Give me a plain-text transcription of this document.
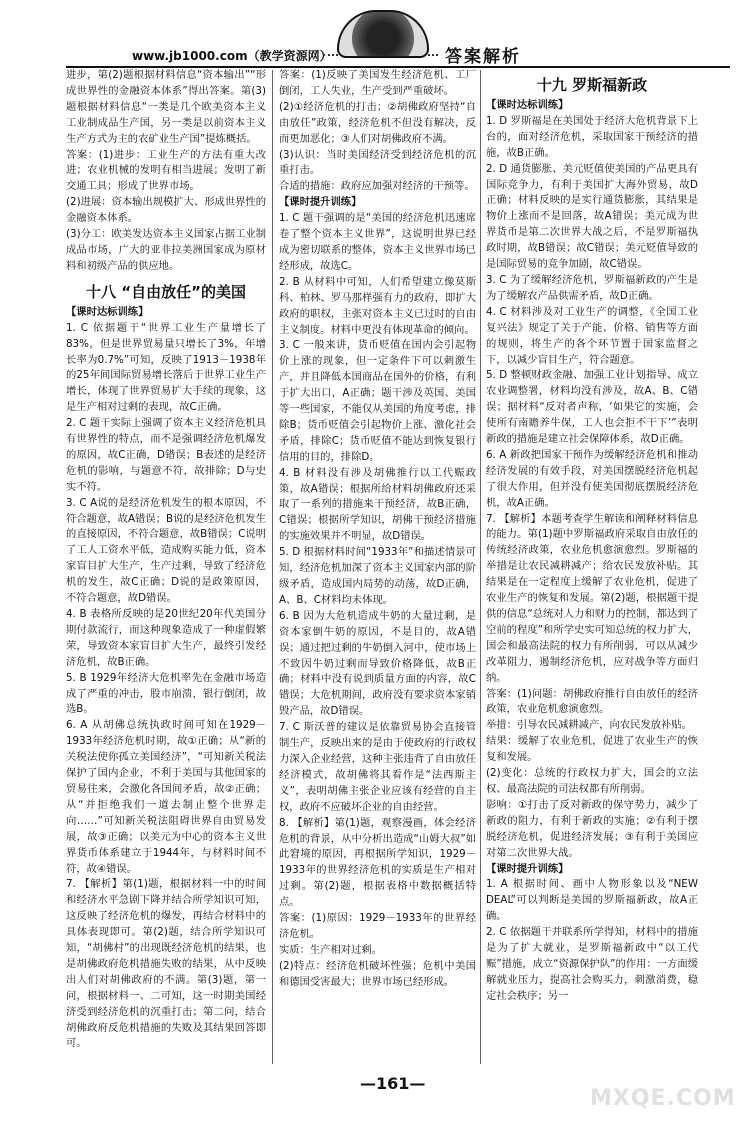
www.jb1000.com（教学资源网）	答案解析

进步，第(2)题根据材料信息“资本输出”“形成世界性的金融资本体系”得出答案。第(3)题根据材料信息“一类是几个欧美资本主义工业制成品生产国，另一类是以前资本主义生产方式为主的农矿业生产国”提炼概括。

答案：(1)进步：工业生产的方法有重大改进；农业机械的发明有相当进展；发明了新交通工具；形成了世界市场。

(2)进展：资本输出规模扩大、形成世界性的金融资本体系。

(3)分工：欧美发达资本主义国家占据工业制成品市场，广大的亚非拉美洲国家成为原材料和初级产品的供应地。

十八 “自由放任”的美国
【课时达标训练】

1. C 依据题干“世界工业生产量增长了83%，但是世界贸易量只增长了3%，年增长率为0.7%”可知，反映了1913－1938年的25年间国际贸易增长落后于世界工业生产增长，体现了世界贸易扩大手续的现象，这是生产相对过剩的表现，故C正确。

2. C 题干实际上强调了资本主义经济危机具有世界性的特点，而不是强调经济危机爆发的原因，故C正确，D错误；B表述的是经济危机的影响，与题意不符，故排除；D与史实不符。

3. C A说的是经济危机发生的根本原因，不符合题意，故A错误；B说的是经济危机发生的直接原因，不符合题意，故B错误；C说明了工人工资水平低，造成购买能力低，资本家盲目扩大生产，生产过剩，导致了经济危机的发生，故C正确；D说的是政策原因，不符合题意，故D错误。

4. B 表格所反映的是20世纪20年代美国分期付款流行，而这种现象造成了一种虚假繁荣，导致资本家盲目扩大生产，最终引发经济危机，故B正确。

5. B 1929年经济大危机率先在金融市场造成了严重的冲击，股市崩溃，银行倒闭，故选B。

6. A 从胡佛总统执政时间可知在1929－1933年经济危机时期，故①正确；从“新的关税法使你孤立美国经济”，“可知新关税法保护了国内企业，不利于美国与其他国家的贸易往来，会激化各国间矛盾，故②正确；从“并拒绝我们一道去制止整个世界走向……”可知新关税法阻碍世界自由贸易发展，故③正确；以美元为中心的资本主义世界货币体系建立于1944年，与材料时间不符，故④错误。

7. 【解析】第(1)题，根据材料一中的时间和经济水平急剧下降并结合所学知识可知，这反映了经济危机的爆发，再结合材料中的具体表现即可。第(2)题，结合所学知识可知，“胡佛村”的出现既经济危机的结果，也是胡佛政府危机措施失败的结果，从中反映出人们对胡佛政府的不满。第(3)题，第一问，根据材料一、二可知，这一时期美国经济受到经济危机的沉重打击；第二问，结合胡佛政府反危机措施的失败及其结果回答即可。

答案：(1)反映了美国发生经济危机、工厂倒闭，工人失业，生产受到严重破坏。

(2)①经济危机的打击；②胡佛政府坚持“自由放任”政策，经济危机不但没有解决，反而更加恶化；③人们对胡佛政府不满。

(3)认识：当时美国经济受到经济危机的沉重打击。

合适的措施：政府应加强对经济的干预等。

【课时提升训练】

1. C 题干强调的是“美国的经济危机迅速席卷了整个资本主义世界”，这说明世界已经成为密切联系的整体，资本主义世界市场已经形成，故选C。

2. B 从材料中可知，人们希望建立像莫斯科、柏林、罗马那样强有力的政府，即扩大政府的职权，主张对资本主义已过时的自由主义制度。材料中更没有体现革命的倾向。

3. C 一般来讲，货币贬值在国内会引起物价上涨的现象，但一定条件下可以刺激生产，并且降低本国商品在国外的价格，有利于扩大出口，A正确；题干涉及英国、美国等一些国家，不能仅从美国的角度考虑，排除B；货币贬值会引起物价上涨、激化社会矛盾，排除C；货币贬值不能达到恢复银行信用的目的，排除D。

4. B 材料没有涉及胡佛推行以工代赈政策，故A错误；根据所给材料胡佛政府还采取了一系列的措施来干预经济，故B正确，C错误；根据所学知识，胡佛干预经济措施的实施效果并不明显，故D错误。

5. D 根据材料时间“1933年”和描述情景可知，经济危机加深了资本主义国家内部的阶级矛盾，造成国内局势的动荡，故D正确，A、B、C材料均未体现。

6. B 因为大危机造成牛奶的大量过剩，是资本家倒牛奶的原因，不是目的，故A错误；通过把过剩的牛奶倒入河中，使市场上不致因牛奶过剩而导致价格降低，故B正确；材料中没有说到质量方面的内容，故C错误；大危机期间，政府没有要求资本家销毁产品，故D错误。

7. C 斯沃普的建议是依靠贸易协会直接管制生产，反映出来的是由于使政府的行政权力深入企业经营，这种主张违背了自由放任经济模式，故胡佛将其看作是“法西斯主义”，表明胡佛主张企业应该有经营的自主权，政府不应破坏企业的自由经营。

8. 【解析】第(1)题，观察漫画，体会经济危机的背景，从中分析出造成“山姆大叔”如此窘境的原因，再根据所学知识，1929－1933年的世界经济危机的实质是生产相对过剩。第(2)题，根据表格中数据概括特点。

答案：(1)原因：1929－1933年的世界经济危机。

实质：生产相对过剩。

(2)特点：经济危机破坏性强；危机中美国和德国受害最大；世界市场已经形成。

十九 罗斯福新政
【课时达标训练】

1. D 罗斯福是在美国处于经济大危机背景下上台的，面对经济危机，采取国家干预经济的措施，故B正确。

2. D 通货膨胀、美元贬值使美国的产品更具有国际竞争力，有利于美国扩大海外贸易，故D正确；材料反映的是实行通货膨胀，其结果是物价上涨而不是回落，故A错误；美元成为世界货币是第二次世界大战之后，不是罗斯福执政时期，故B错误；故C错误；美元贬值导致的是国际贸易的竞争加剧，故C错误。

3. C 为了缓解经济危机，罗斯福新政的产生是为了缓解农产品供需矛盾，故D正确。

4. C 材料涉及对工业生产的调整，《全国工业复兴法》规定了关于产能、价格、销售等方面的规则，将生产的各个环节置于国家监督之下，以减少盲目生产，符合题意。

5. D 整顿财政金融、加强工业计划指导、成立农业调整署，材料均没有涉及，故A、B、C错误；据材料“反对者声称，‘如果它的实施，会使所有南瞻养牛保，工人也会拒不干下’”表明新政的措施是建立社会保障体系，故D正确。

6. A 新政把国家干预作为缓解经济危机和推动经济发展的有效手段，对美国摆脱经济危机起了很大作用，但并没有使美国彻底摆脱经济危机，故A正确。

7. 【解析】本题考查学生解读和阐释材料信息的能力。第(1)题中罗斯福政府采取自由放任的传统经济政策，农业危机愈演愈烈。罗斯福的举措是让农民减耕减产；给农民发放补贴。其结果是在一定程度上缓解了农业危机，促进了农业生产的恢复和发展。第(2)题，根据题干提供的信息“总统对人力和财力的控制，都达到了空前的程度”和所学史实可知总统的权力扩大，国会和最高法院的权力有所削弱，可以从减少改革阻力，遏制经济危机，应对战争等方面归纳。

答案：(1)问题：胡佛政府推行自由放任的经济政策，农业危机愈演愈烈。

举措：引导农民减耕减产，向农民发放补贴。

结果：缓解了农业危机，促进了农业生产的恢复和发展。

(2)变化：总统的行政权力扩大，国会的立法权、最高法院的司法权都有所削弱。

影响：①打击了反对新政的保守势力，减少了新政的阻力，有利于新政的实施；②有利于摆脱经济危机，促进经济发展；③有利于美国应对第二次世界大战。

【课时提升训练】

1. A 根据时间、画中人物形象以及“NEW DEAL”可以判断是美国的罗斯福新政，故A正确。

2. C 依据题干并联系所学得知，材料中的措施是为了扩大就业，是罗斯福新政中“以工代赈”措施，成立“资源保护队”的作用：一方面缓解就业压力，提高社会购买力，刺激消费，稳定社会秩序；另一

—161—
MXQE.COM
